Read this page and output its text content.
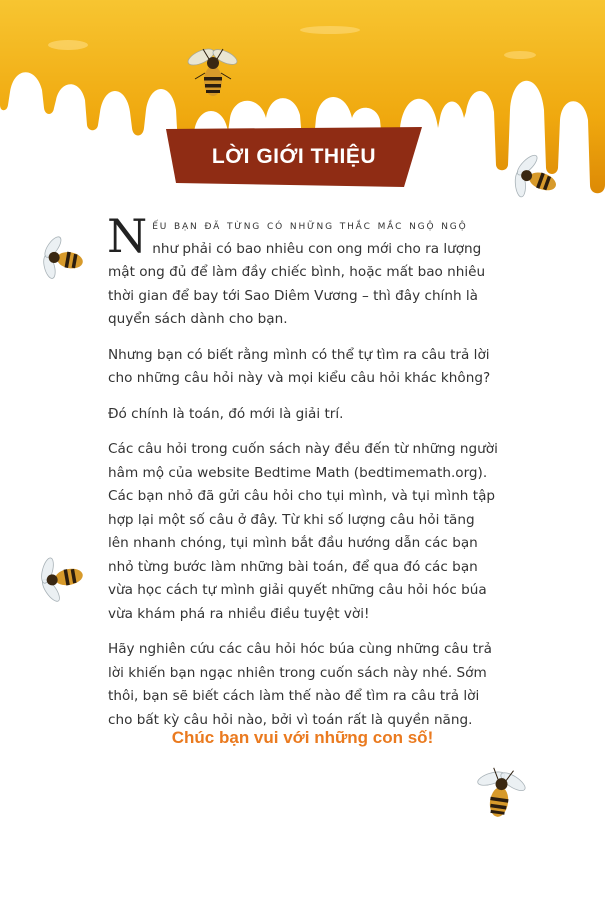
LỜI GIỚI THIỆU

N ếu bạn đã từng có những thắc mắc ngộ ngộ
như phải có bao nhiêu con ong mới cho ra lượng
mật ong đủ để làm đầy chiếc bình, hoặc mất bao nhiêu
thời gian để bay tới Sao Diêm Vương – thì đây chính là
quyển sách dành cho bạn.

Nhưng bạn có biết rằng mình có thể tự tìm ra câu trả lời
cho những câu hỏi này và mọi kiểu câu hỏi khác không?

Đó chính là toán, đó mới là giải trí.

Các câu hỏi trong cuốn sách này đều đến từ những người
hâm mộ của website Bedtime Math (bedtimemath.org).
Các bạn nhỏ đã gửi câu hỏi cho tụi mình, và tụi mình tập
hợp lại một số câu ở đây. Từ khi số lượng câu hỏi tăng
lên nhanh chóng, tụi mình bắt đầu hướng dẫn các bạn
nhỏ từng bước làm những bài toán, để qua đó các bạn
vừa học cách tự mình giải quyết những câu hỏi hóc búa
vừa khám phá ra nhiều điều tuyệt vời!

Hãy nghiên cứu các câu hỏi hóc búa cùng những câu trả
lời khiến bạn ngạc nhiên trong cuốn sách này nhé. Sớm
thôi, bạn sẽ biết cách làm thế nào để tìm ra câu trả lời
cho bất kỳ câu hỏi nào, bởi vì toán rất là quyền năng.

Chúc bạn vui với những con số!
